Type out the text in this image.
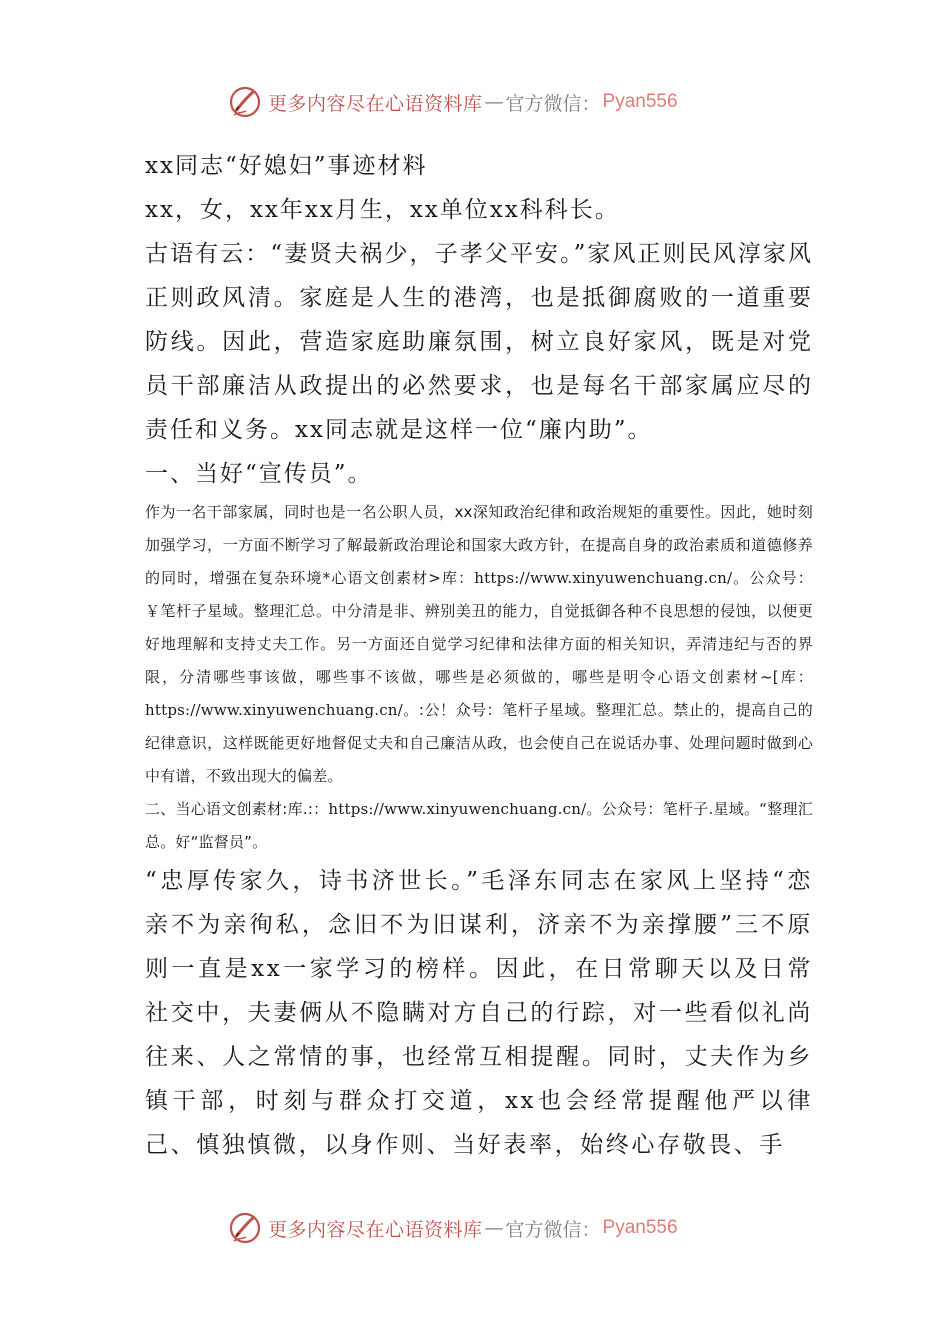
更多内容尽在心语资料库 — 官方微信： Pyan556

xx同志“好媳妇”事迹材料

xx，女，xx年xx月生，xx单位xx科科长。

古语有云：“妻贤夫祸少，子孝父平安。”家风正则民风淳家风正则政风清。家庭是人生的港湾，也是抵御腐败的一道重要防线。因此，营造家庭助廉氛围，树立良好家风，既是对党员干部廉洁从政提出的必然要求，也是每名干部家属应尽的责任和义务。xx同志就是这样一位“廉内助”。

一、当好“宣传员”。

作为一名干部家属，同时也是一名公职人员，xx深知政治纪律和政治规矩的重要性。因此，她时刻加强学习，一方面不断学习了解最新政治理论和国家大政方针，在提高自身的政治素质和道德修养的同时，增强在复杂环境*心语文创素材>库：https://www.xinyuwenchuang.cn/。公众号：￥笔杆子星域。整理汇总。中分清是非、辨别美丑的能力，自觉抵御各种不良思想的侵蚀，以便更好地理解和支持丈夫工作。另一方面还自觉学习纪律和法律方面的相关知识，弄清违纪与否的界限，分清哪些事该做，哪些事不该做，哪些是必须做的，哪些是明令心语文创素材~[库：https://www.xinyuwenchuang.cn/。:公！众号：笔杆子星域。整理汇总。禁止的，提高自己的纪律意识，这样既能更好地督促丈夫和自己廉洁从政，也会使自己在说话办事、处理问题时做到心中有谱，不致出现大的偏差。

二、当心语文创素材:库.:：https://www.xinyuwenchuang.cn/。公众号：笔杆子.星域。“整理汇总。好“监督员”。

“忠厚传家久，诗书济世长。”毛泽东同志在家风上坚持“恋亲不为亲徇私，念旧不为旧谋利，济亲不为亲撑腰”三不原则一直是xx一家学习的榜样。因此，在日常聊天以及日常社交中，夫妻俩从不隐瞒对方自己的行踪，对一些看似礼尚往来、人之常情的事，也经常互相提醒。同时，丈夫作为乡镇干部，时刻与群众打交道，xx也会经常提醒他严以律己、慎独慎微，以身作则、当好表率，始终心存敬畏、手

更多内容尽在心语资料库 — 官方微信： Pyan556
